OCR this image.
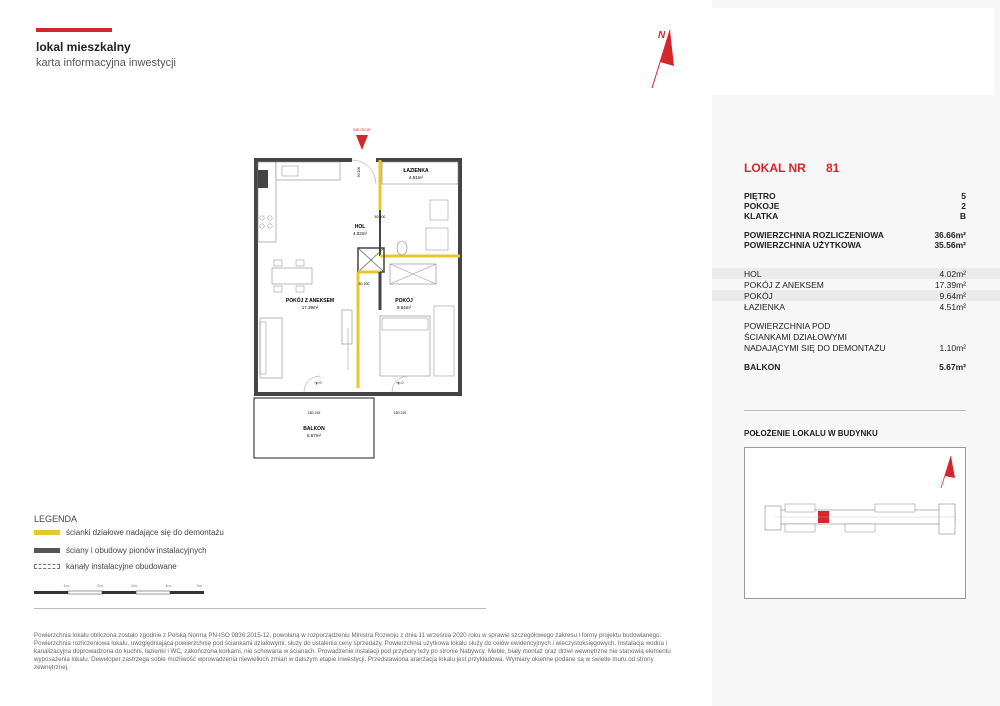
lokal mieszkalny
karta informacyjna inwestycji
N
WEJŚCIE
ŁAZIENKA
4.51m²
HOL
4.02m²
POKÓJ Z ANEKSEM
17.39m²
POKÓJ
9.64m²
90 200
80 200
80 200
hp 0	hp 0
180 215	180 215
BALKON
5.67m²
LEGENDA
ścianki działowe nadające się do demontażu
ściany i obudowy pionów instalacyjnych
kanały instalacyjne obudowane
1m	2m	3m	4m	5m
Powierzchnia lokalu obliczona zostało zgodnie z Polską Normą PN-ISO 9836:2015-12, powołaną w rozporządzeniu Ministra Rozwoju z dnia 11 września 2020 roku w sprawie szczegółowego zakresu i formy projektu budowlanego. Powierzchnia rozliczeniowa lokalu, uwzględniająca powierzchnię pod ściankami działowymi, służy do ustalenia ceny sprzedaży. Powierzchnia użytkowa lokalu służy do celów ewidencyjnych i wieczystoksięgowych. Instalacja wodna i kanalizacyjna doprowadzona do kuchni, łazienki i WC, zakończona korkami, nie schowana w ścianach. Prowadzenie instalacji pod przybory leży po stronie Nabywcy. Meble, biały montaż oraz drzwi wewnętrzne nie stanowią elementu wyposażenia lokalu. Deweloper zastrzega sobie możliwość wprowadzenia niewielkich zmian w dalszym etapie inwestycji. Przedstawiona aranżacja lokalu jest przykładowa. Wymiary okienne podane są w świetle muru od strony zewnętrznej.
LOKAL NR 81
PIĘTRO	5
POKOJE	2
KLATKA	B
POWIERZCHNIA ROZLICZENIOWA	36.66m²
POWIERZCHNIA UŻYTKOWA	35.56m²
HOL	4.02m²
POKÓJ Z ANEKSEM	17.39m²
POKÓJ	9.64m²
ŁAZIENKA	4.51m²
POWIERZCHNIA POD
ŚCIANKAMI DZIAŁOWYMI
NADAJĄCYMI SIĘ DO DEMONTAŻU	1.10m²
BALKON	5.67m²
POŁOŻENIE LOKALU W BUDYNKU
